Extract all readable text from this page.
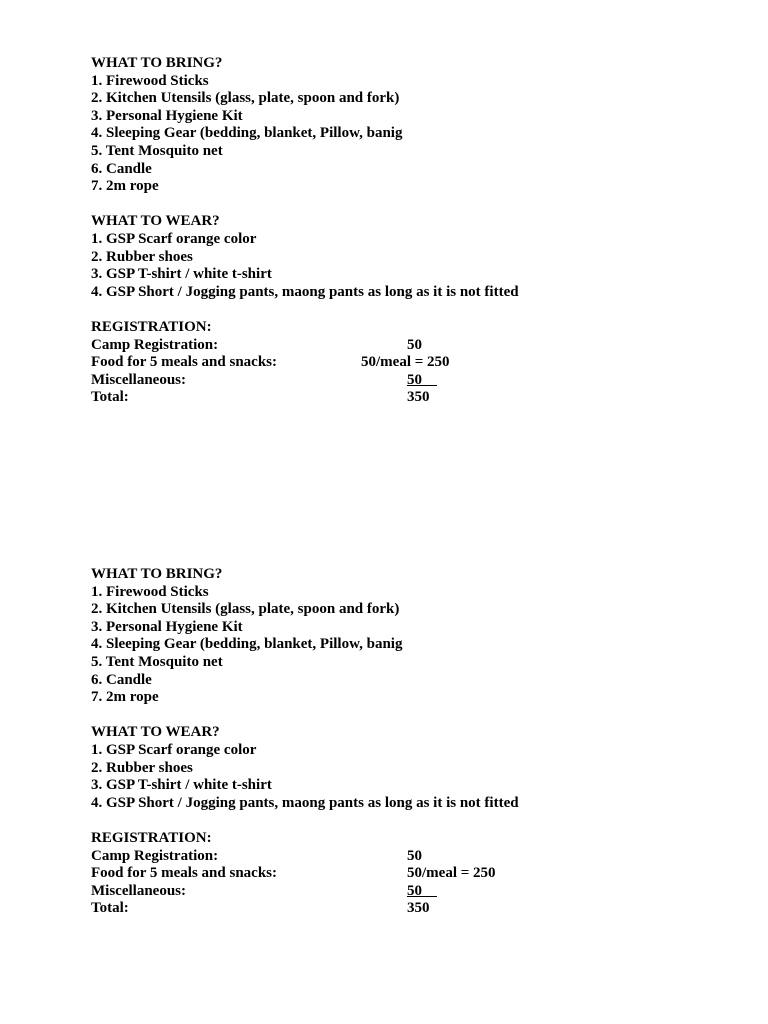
WHAT TO BRING?
1. Firewood Sticks
2. Kitchen Utensils (glass, plate, spoon and fork)
3. Personal Hygiene Kit
4. Sleeping Gear (bedding, blanket, Pillow, banig
5. Tent Mosquito net
6. Candle
7. 2m rope
WHAT TO WEAR?
1. GSP Scarf orange color
2. Rubber shoes
3. GSP T-shirt / white t-shirt
4. GSP Short / Jogging pants, maong pants as long as it is not fitted
REGISTRATION:
Camp Registration:	50
Food for 5 meals and snacks:	50/meal = 250
Miscellaneous:	50
Total:	350
WHAT TO BRING?
1. Firewood Sticks
2. Kitchen Utensils (glass, plate, spoon and fork)
3. Personal Hygiene Kit
4. Sleeping Gear (bedding, blanket, Pillow, banig
5. Tent Mosquito net
6. Candle
7. 2m rope
WHAT TO WEAR?
1. GSP Scarf orange color
2. Rubber shoes
3. GSP T-shirt / white t-shirt
4. GSP Short / Jogging pants, maong pants as long as it is not fitted
REGISTRATION:
Camp Registration:	50
Food for 5 meals and snacks:	50/meal = 250
Miscellaneous:	50
Total:	350
